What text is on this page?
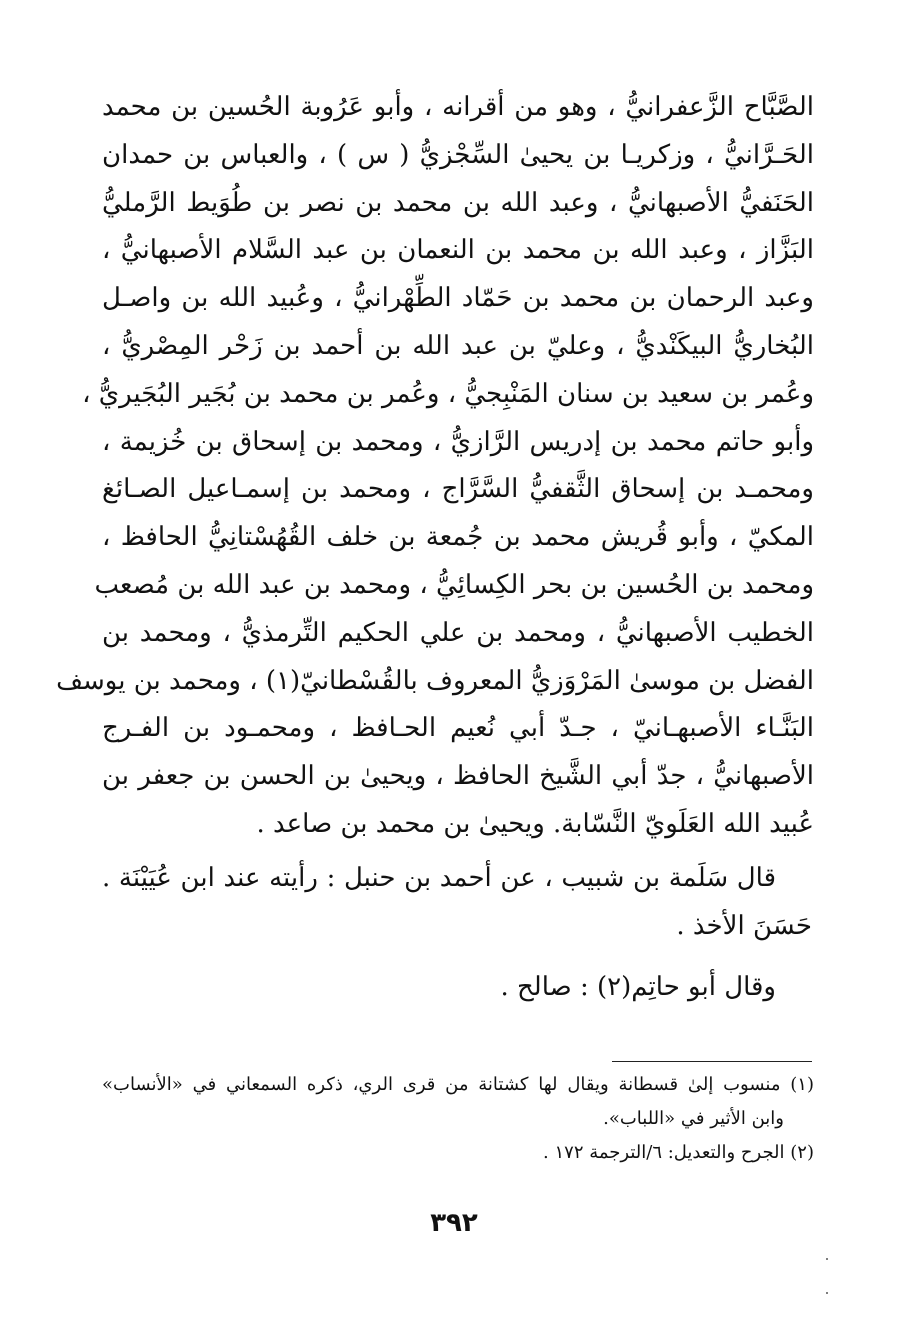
الصَّبَّاح الزَّعفرانيُّ ، وهو من أقرانه ، وأبو عَرُوبة الحُسين بن محمد
الحَـرَّانيُّ ، وزكريـا بن يحيىٰ السِّجْزيُّ ( س ) ، والعباس بن حمدان
الحَنَفيُّ الأصبهانيُّ ، وعبد الله بن محمد بن نصر بن طُوَيط الرَّمليُّ
البَزَّاز ، وعبد الله بن محمد بن النعمان بن عبد السَّلام الأصبهانيُّ ،
وعبد الرحمان بن محمد بن حَمّاد الطِّهْرانيُّ ، وعُبيد الله بن واصـل
البُخاريُّ البيكَنْديُّ ، وعليّ بن عبد الله بن أحمد بن زَحْر المِصْريُّ ،
وعُمر بن سعيد بن سنان المَنْبِجيُّ ، وعُمر بن محمد بن بُجَير البُجَيريُّ ،
وأبو حاتم محمد بن إدريس الرَّازيُّ ، ومحمد بن إسحاق بن خُزيمة ،
ومحمـد بن إسحاق الثَّقفيُّ السَّرَّاج ، ومحمد بن إسمـاعيل الصـائغ
المكيّ ، وأبو قُريش محمد بن جُمعة بن خلف القُهُسْتانِيُّ الحافظ ،
ومحمد بن الحُسين بن بحر الكِسائِيُّ ، ومحمد بن عبد الله بن مُصعب
الخطيب الأصبهانيُّ ، ومحمد بن علي الحكيم التِّرمذيُّ ، ومحمد بن
الفضل بن موسىٰ المَرْوَزيُّ المعروف بالقُسْطانيّ(١) ، ومحمد بن يوسف
البَنَّـاء الأصبهـانيّ ، جـدّ أبي نُعيم الحـافظ ، ومحمـود بن الفـرج
الأصبهانيُّ ، جدّ أبي الشَّيخ الحافظ ، ويحيىٰ بن الحسن بن جعفر بن
عُبيد الله العَلَويّ النَّسّابة. ويحيىٰ بن محمد بن صاعد .
قال سَلَمة بن شبيب ، عن أحمد بن حنبل : رأيته عند ابن عُيَيْنَة .
حَسَنَ الأخذ .
وقال أبو حاتِم(٢) : صالح .
(١) منسوب إلىٰ قسطانة ويقال لها كشتانة من قرى الري، ذكره السمعاني في «الأنساب»
وابن الأثير في «اللباب».
(٢) الجرح والتعديل: ٦/الترجمة ١٧٢ .
٣٩٢
